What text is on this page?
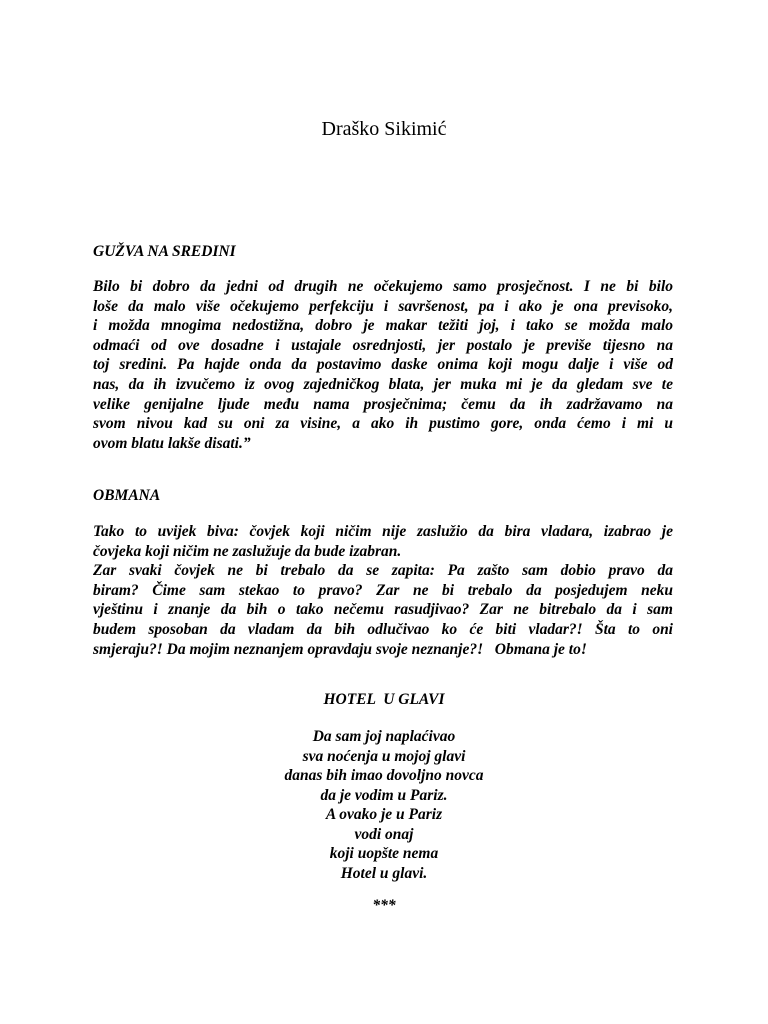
Draško Sikimić
GUŽVA NA SREDINI
Bilo bi dobro da jedni od drugih ne očekujemo samo prosječnost. I ne bi bilo
loše da malo više očekujemo perfekciju i savršenost, pa i ako je ona previsoko,
i možda mnogima nedostižna, dobro je makar težiti joj, i tako se možda malo
odmaći od ove dosadne i ustajale osrednjosti, jer postalo je previše tijesno na
toj sredini. Pa hajde onda da postavimo daske onima koji mogu dalje i više od
nas, da ih izvučemo iz ovog zajedničkog blata, jer muka mi je da gledam sve te
velike genijalne ljude među nama prosječnima; čemu da ih zadržavamo na
svom nivou kad su oni za visine, a ako ih pustimo gore, onda ćemo i mi u
ovom blatu lakše disati.”
OBMANA
Tako to uvijek biva: čovjek koji ničim nije zaslužio da bira vladara, izabrao je
čovjeka koji ničim ne zaslužuje da bude izabran.
Zar svaki čovjek ne bi trebalo da se zapita: Pa zašto sam dobio pravo da
biram? Čime sam stekao to pravo? Zar ne bi trebalo da posjedujem neku
vještinu i znanje da bih o tako nečemu rasudjivao? Zar ne bitrebalo da i sam
budem sposoban da vladam da bih odlučivao ko će biti vladar?! Šta to oni
smjeraju?! Da mojim neznanjem opravdaju svoje neznanje?!   Obmana je to!
HOTEL  U GLAVI
Da sam joj naplaćivao
sva noćenja u mojoj glavi
danas bih imao dovoljno novca
da je vodim u Pariz.
A ovako je u Pariz
vodi onaj
koji uopšte nema
Hotel u glavi.
***
